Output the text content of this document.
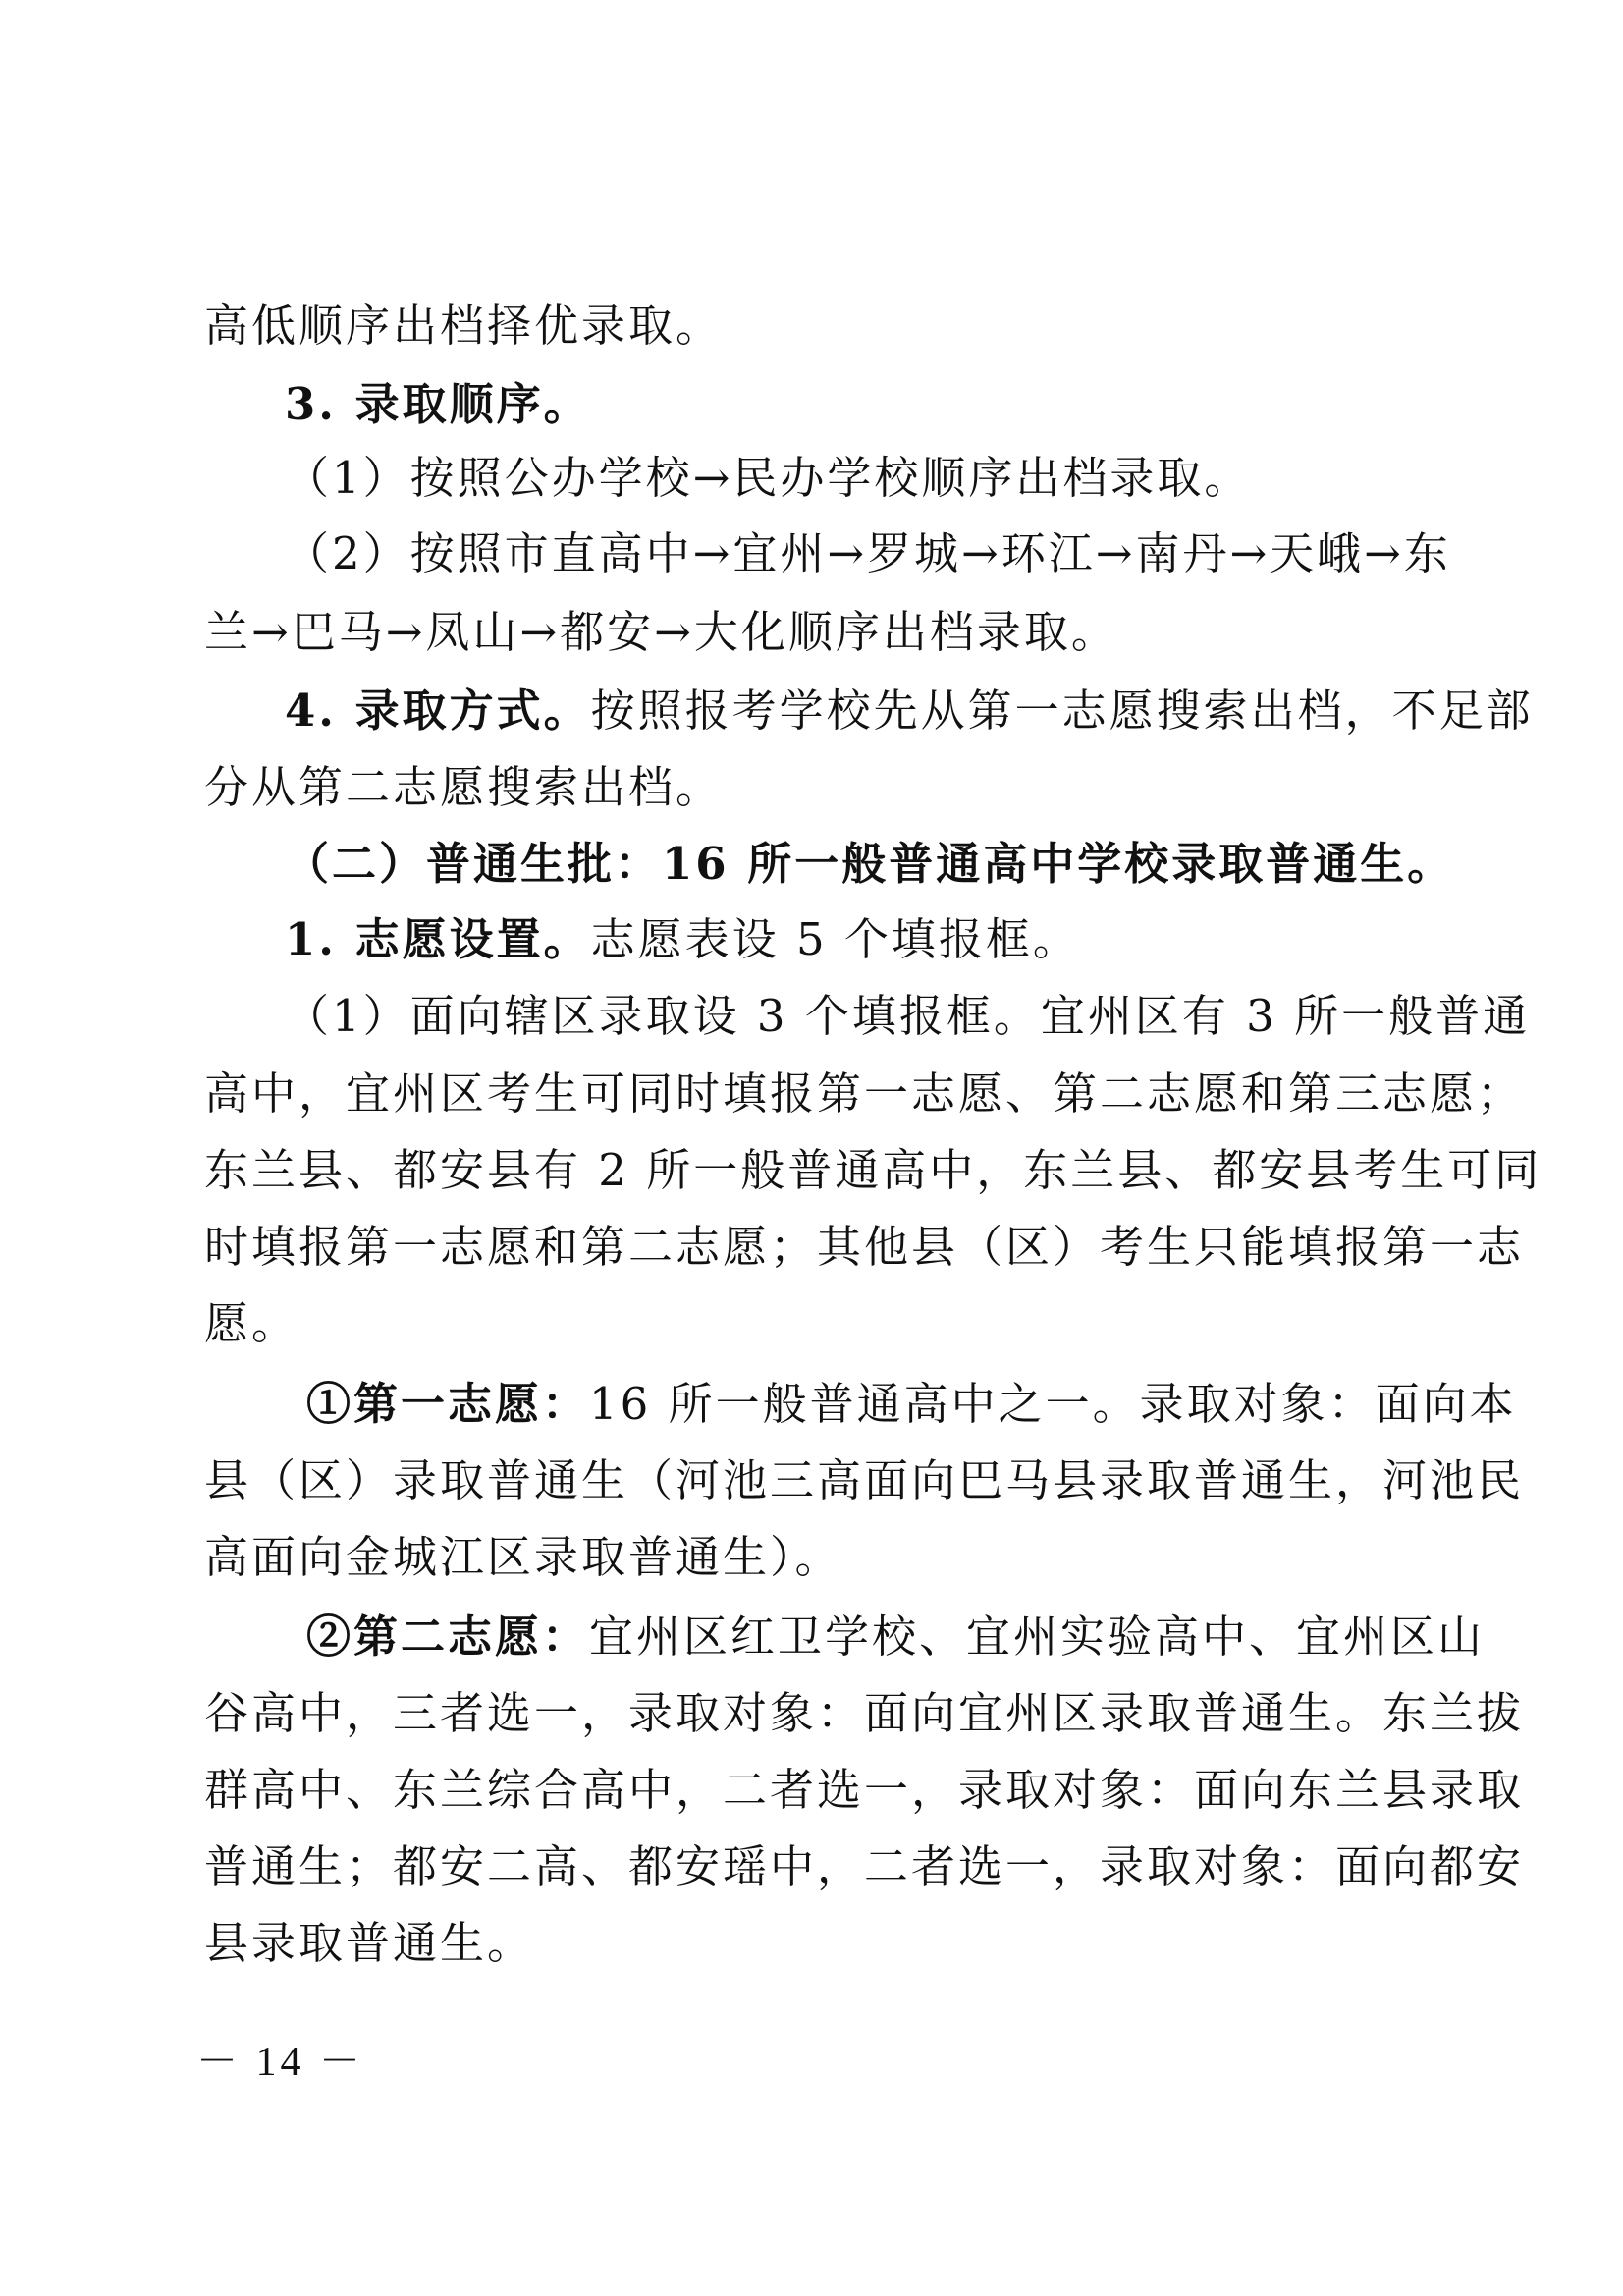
高低顺序出档择优录取。
3. 录取顺序。
（1）按照公办学校→民办学校顺序出档录取。
（2）按照市直高中→宜州→罗城→环江→南丹→天峨→东
兰→巴马→凤山→都安→大化顺序出档录取。
4. 录取方式。按照报考学校先从第一志愿搜索出档，不足部
分从第二志愿搜索出档。
（二）普通生批：16 所一般普通高中学校录取普通生。
1. 志愿设置。志愿表设 5 个填报框。
（1）面向辖区录取设 3 个填报框。宜州区有 3 所一般普通
高中，宜州区考生可同时填报第一志愿、第二志愿和第三志愿；
东兰县、都安县有 2 所一般普通高中，东兰县、都安县考生可同
时填报第一志愿和第二志愿；其他县（区）考生只能填报第一志
愿。
①第一志愿：16 所一般普通高中之一。录取对象：面向本
县（区）录取普通生（河池三高面向巴马县录取普通生，河池民
高面向金城江区录取普通生）。
②第二志愿：宜州区红卫学校、宜州实验高中、宜州区山
谷高中，三者选一，录取对象：面向宜州区录取普通生。东兰拔
群高中、东兰综合高中，二者选一，录取对象：面向东兰县录取
普通生；都安二高、都安瑶中，二者选一，录取对象：面向都安
县录取普通生。
－ 14 －
